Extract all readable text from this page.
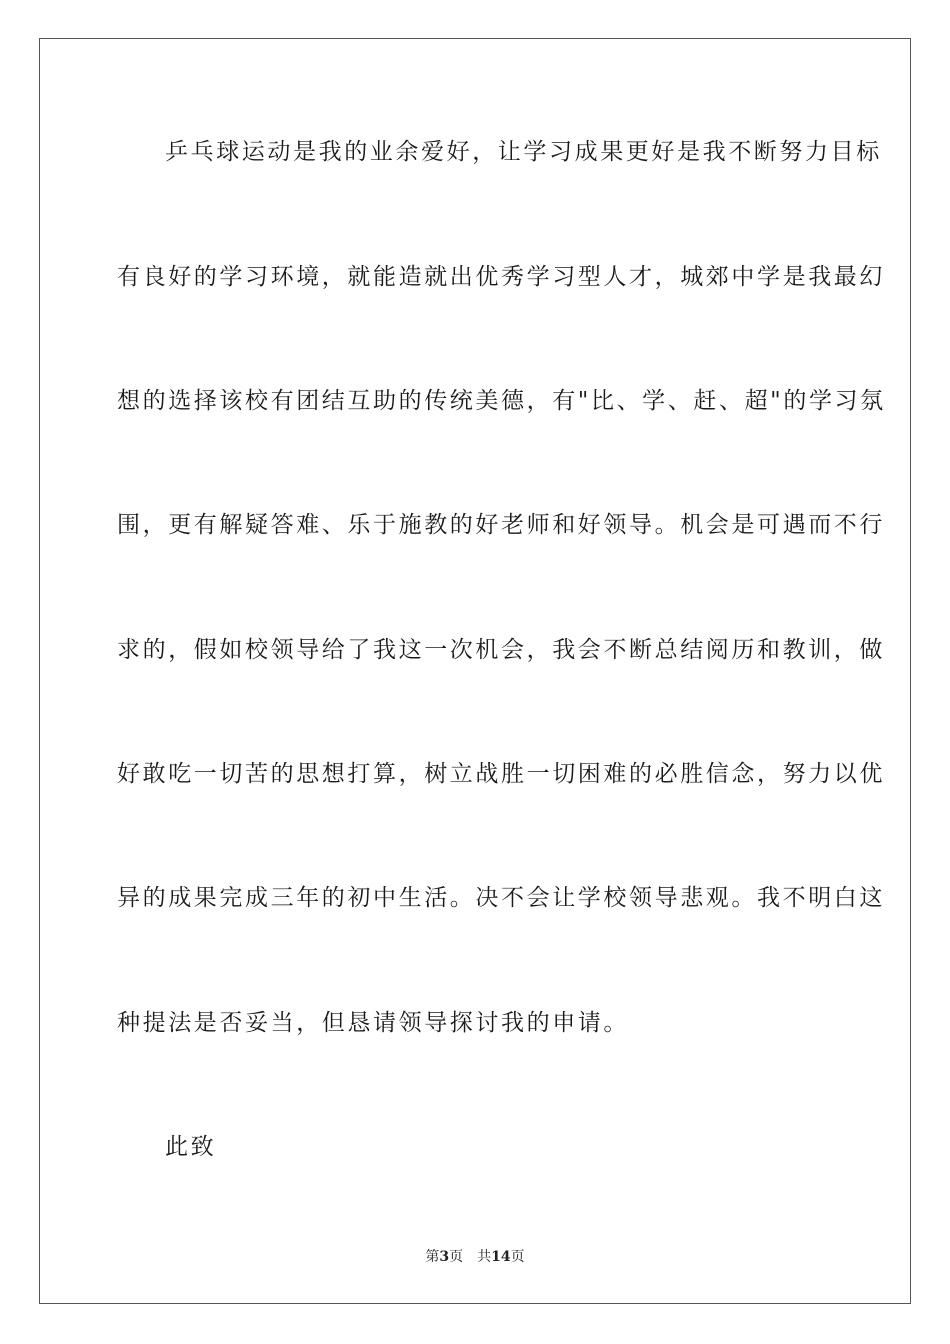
乒乓球运动是我的业余爱好，让学习成果更好是我不断努力目标
有良好的学习环境，就能造就出优秀学习型人才，城郊中学是我最幻
想的选择该校有团结互助的传统美德，有"比、学、赶、超"的学习氛
围，更有解疑答难、乐于施教的好老师和好领导。机会是可遇而不行
求的，假如校领导给了我这一次机会，我会不断总结阅历和教训，做
好敢吃一切苦的思想打算，树立战胜一切困难的必胜信念，努力以优
异的成果完成三年的初中生活。决不会让学校领导悲观。我不明白这
种提法是否妥当，但恳请领导探讨我的申请。
此致
第3页 共14页
